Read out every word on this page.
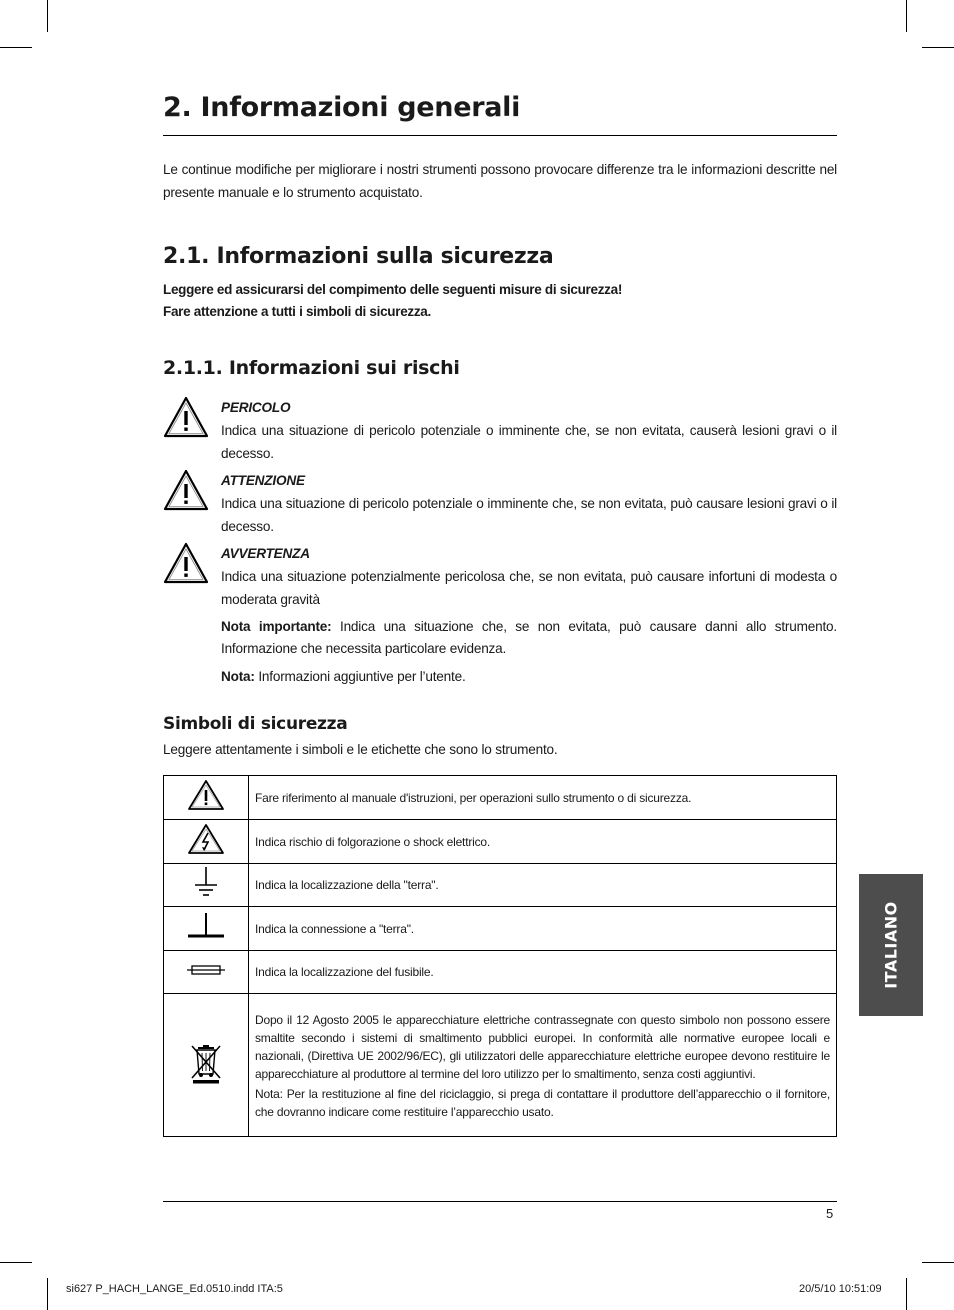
2. Informazioni generali

Le continue modifiche per migliorare i nostri strumenti possono provocare differenze tra le informazioni descritte nel presente manuale e lo strumento acquistato.

2.1. Informazioni sulla sicurezza
Leggere ed assicurarsi del compimento delle seguenti misure di sicurezza!
Fare attenzione a tutti i simboli di sicurezza.
2.1.1. Informazioni sui rischi
PERICOLO
Indica una situazione di pericolo potenziale o imminente che, se non evitata, causerà lesioni gravi o il decesso.
ATTENZIONE
Indica una situazione di pericolo potenziale o imminente che, se non evitata, può causare lesioni gravi o il decesso.
AVVERTENZA
Indica una situazione potenzialmente pericolosa che, se non evitata, può causare infortuni di modesta o moderata gravità

Nota importante: Indica una situazione che, se non evitata, può causare danni allo strumento. Informazione che necessita particolare evidenza.

Nota: Informazioni aggiuntive per l’utente.

Simboli di sicurezza

Leggere attentamente i simboli e le etichette che sono lo strumento.

	Fare riferimento al manuale d'istruzioni, per operazioni sullo strumento o di sicurezza.
	Indica rischio di folgorazione o shock elettrico.
	Indica la localizzazione della "terra".
	Indica la connessione a "terra".
	Indica la localizzazione del fusibile.

Dopo il 12 Agosto 2005 le apparecchiature elettriche contrassegnate con questo simbolo non possono essere smaltite secondo i sistemi di smaltimento pubblici europei. In conformità alle normative europee locali e nazionali, (Direttiva UE 2002/96/EC), gli utilizzatori delle apparecchiature elettriche europee devono restituire le apparecchiature al produttore al termine del loro utilizzo per lo smaltimento, senza costi aggiuntivi.
Nota: Per la restituzione al fine del riciclaggio, si prega di contattare il produttore dell’apparecchio o il fornitore, che dovranno indicare come restituire l’apparecchio usato.
ITALIANO
5
si627 P_HACH_LANGE_Ed.0510.indd ITA:5	20/5/10 10:51:09
